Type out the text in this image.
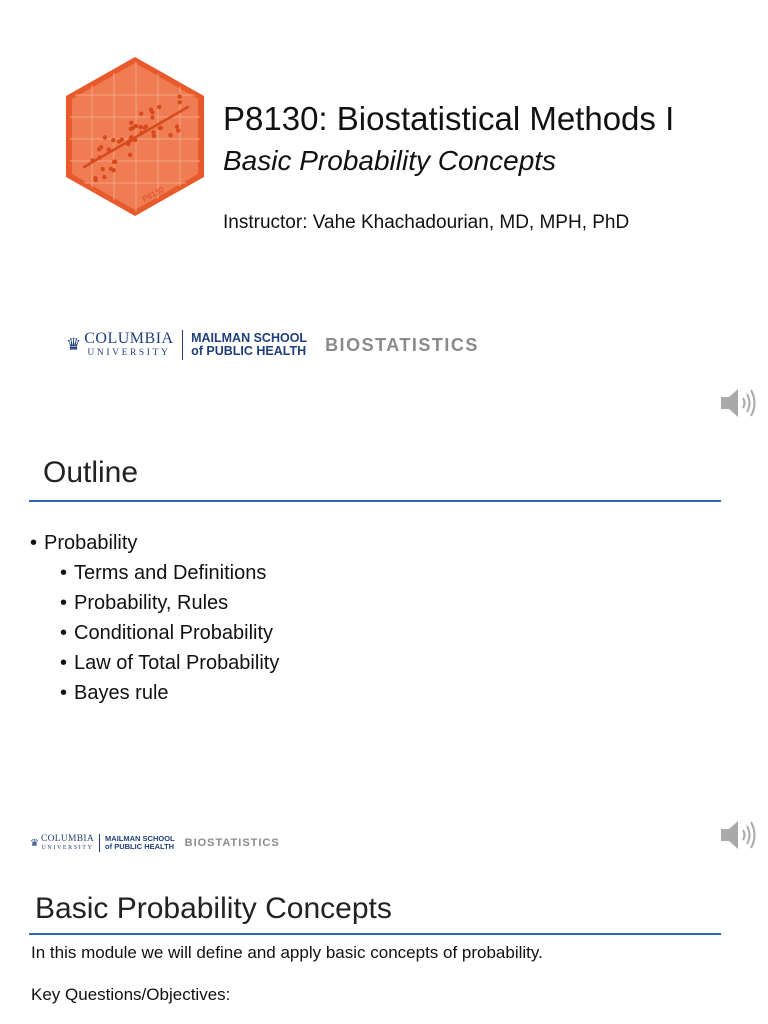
P8130
P8130: Biostatistical Methods I
Basic Probability Concepts
Instructor: Vahe Khachadourian, MD, MPH, PhD
♛ COLUMBIA
UNIVERSITY
MAILMAN SCHOOL
of PUBLIC HEALTH BIOSTATISTICS
Outline
• Probability
• Terms and Definitions
• Probability, Rules
• Conditional Probability
• Law of Total Probability
• Bayes rule
♛ COLUMBIA
UNIVERSITY
MAILMAN SCHOOL
of PUBLIC HEALTH BIOSTATISTICS
Basic Probability Concepts
In this module we will define and apply basic concepts of probability.
Key Questions/Objectives:
